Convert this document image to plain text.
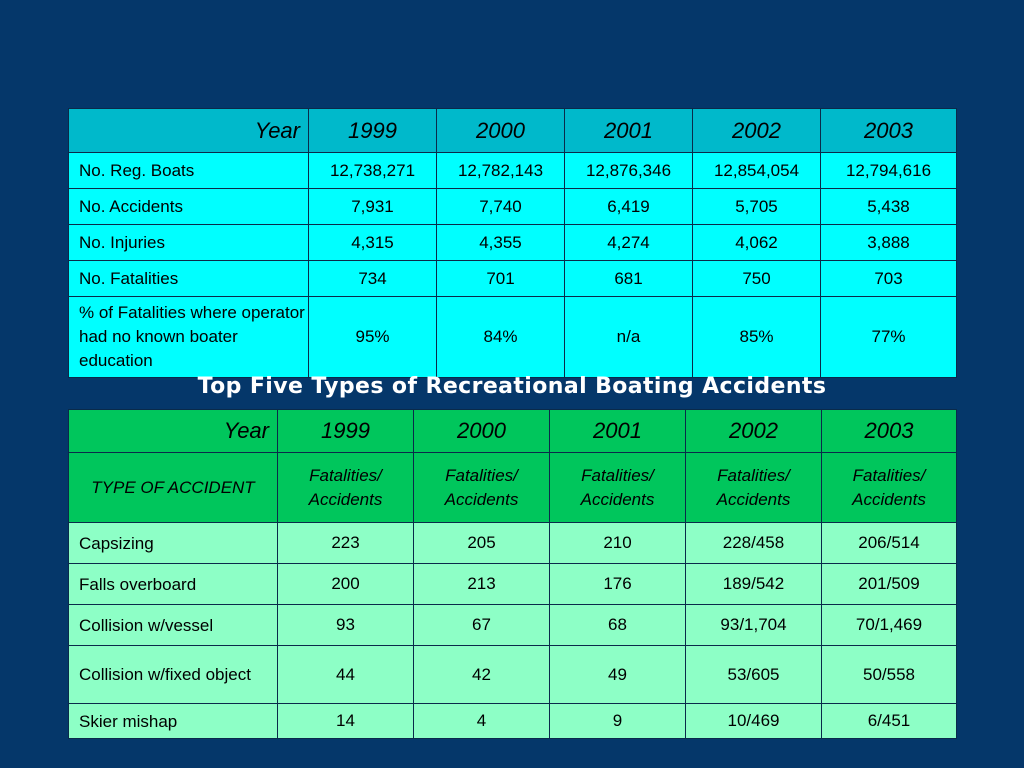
Year	1999	2000	2001	2002	2003
No. Reg. Boats	12,738,271	12,782,143	12,876,346	12,854,054	12,794,616
No. Accidents	7,931	7,740	6,419	5,705	5,438
No. Injuries	4,315	4,355	4,274	4,062	3,888
No. Fatalities	734	701	681	750	703
% of Fatalities where operator had no known boater education	95%	84%	n/a	85%	77%
Top Five Types of Recreational Boating Accidents
Year	1999	2000	2001	2002	2003
TYPE OF ACCIDENT	Fatalities/ Accidents	Fatalities/ Accidents	Fatalities/ Accidents	Fatalities/ Accidents	Fatalities/ Accidents
Capsizing	223	205	210	228/458	206/514
Falls overboard	200	213	176	189/542	201/509
Collision w/vessel	93	67	68	93/1,704	70/1,469
Collision w/fixed object	44	42	49	53/605	50/558
Skier mishap	14	4	9	10/469	6/451
